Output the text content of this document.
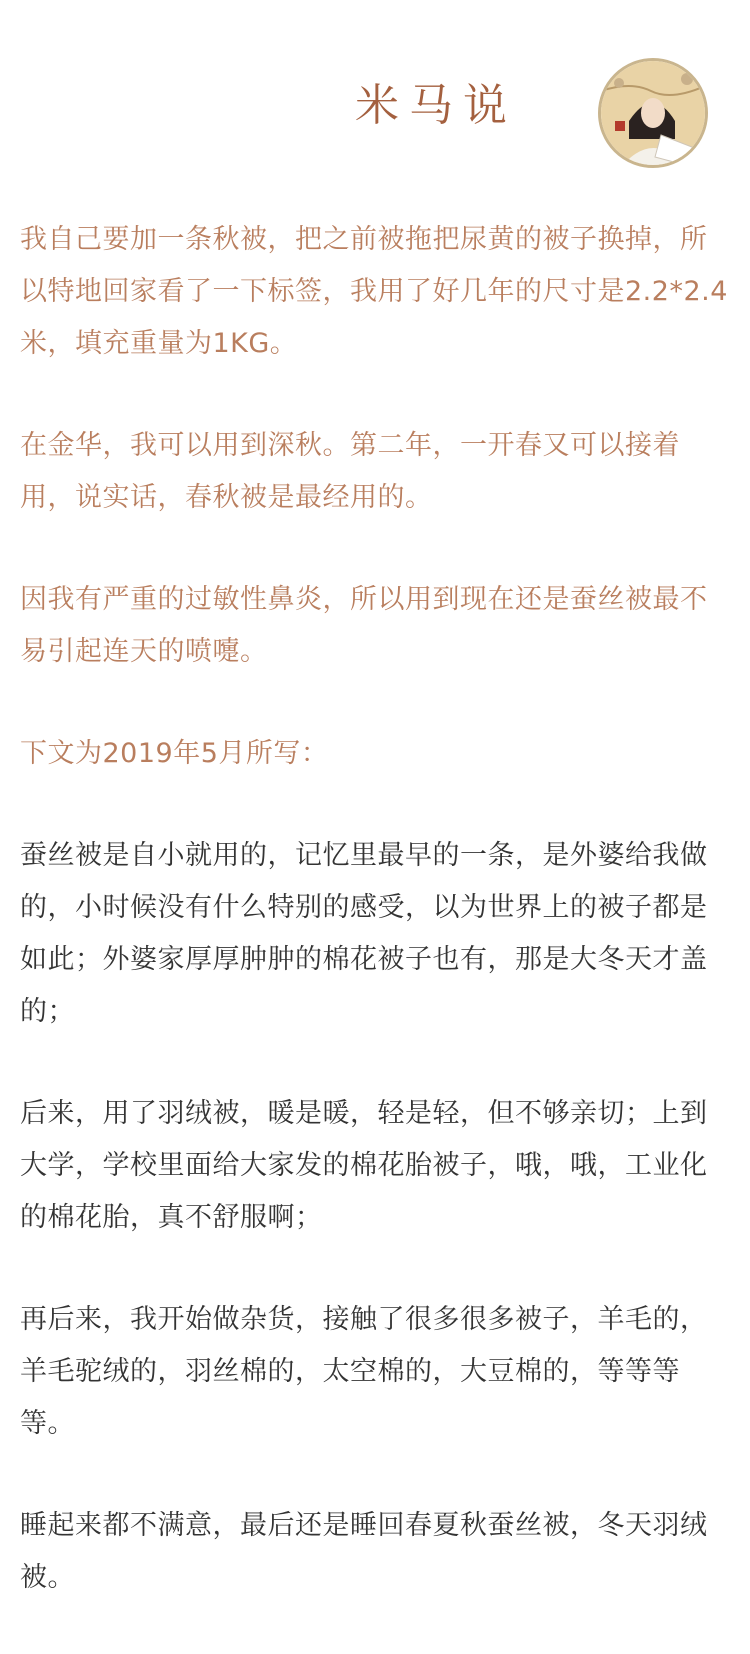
米马说

我自己要加一条秋被，把之前被拖把尿黄的被子换掉，所以特地回家看了一下标签，我用了好几年的尺寸是2.2*2.4米，填充重量为1KG。

在金华，我可以用到深秋。第二年，一开春又可以接着用，说实话，春秋被是最经用的。

因我有严重的过敏性鼻炎，所以用到现在还是蚕丝被最不易引起连天的喷嚏。

下文为2019年5月所写：

蚕丝被是自小就用的，记忆里最早的一条，是外婆给我做的，小时候没有什么特别的感受，以为世界上的被子都是如此；外婆家厚厚肿肿的棉花被子也有，那是大冬天才盖的；

后来，用了羽绒被，暖是暖，轻是轻，但不够亲切；上到大学，学校里面给大家发的棉花胎被子，哦，哦，工业化的棉花胎，真不舒服啊；

再后来，我开始做杂货，接触了很多很多被子，羊毛的，羊毛驼绒的，羽丝棉的，太空棉的，大豆棉的，等等等等。

睡起来都不满意，最后还是睡回春夏秋蚕丝被，冬天羽绒被。
